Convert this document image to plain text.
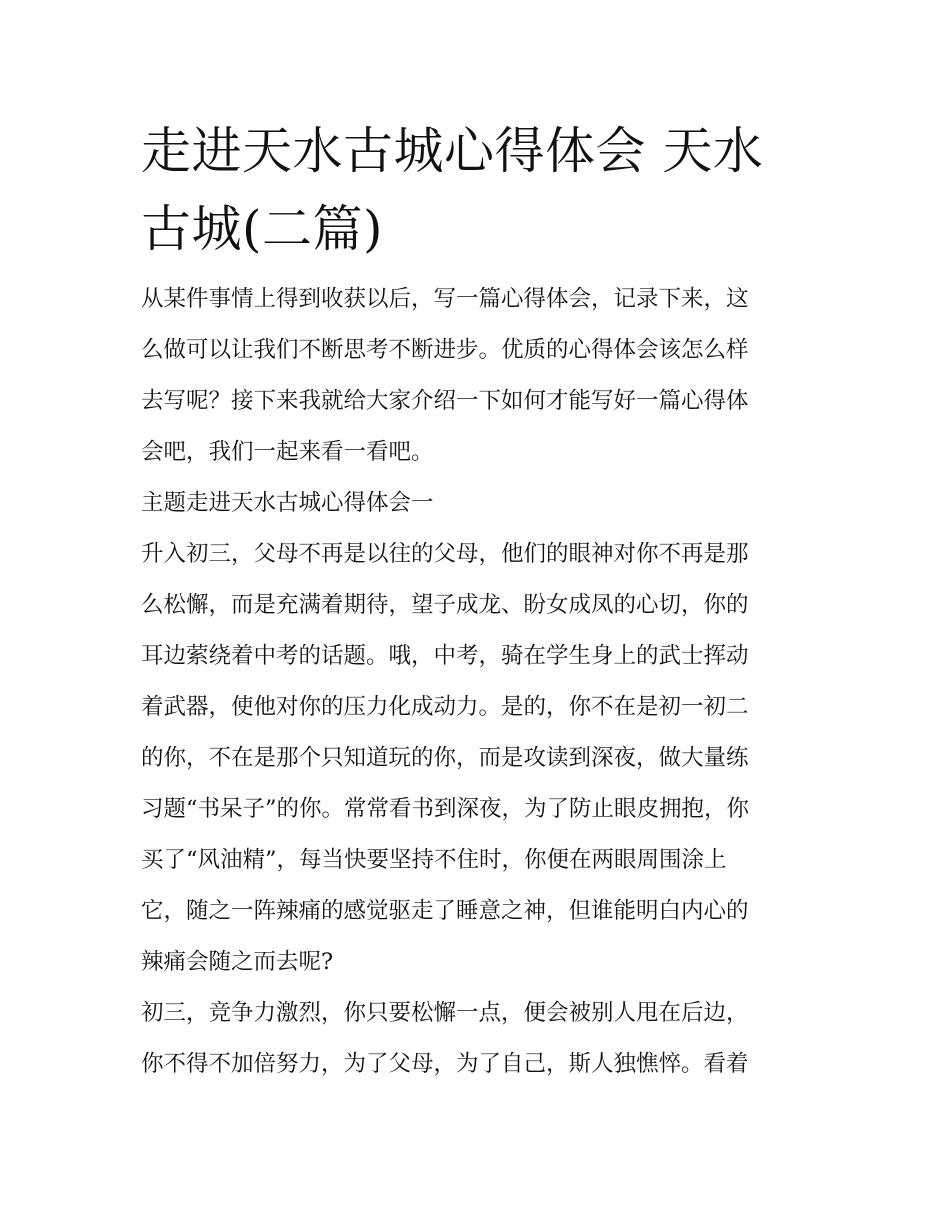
走进天水古城心得体会 天水
古城(二篇)

从某件事情上得到收获以后，写一篇心得体会，记录下来，这
么做可以让我们不断思考不断进步。优质的心得体会该怎么样
去写呢？接下来我就给大家介绍一下如何才能写好一篇心得体
会吧，我们一起来看一看吧。

主题走进天水古城心得体会一

升入初三，父母不再是以往的父母，他们的眼神对你不再是那
么松懈，而是充满着期待，望子成龙、盼女成凤的心切，你的
耳边萦绕着中考的话题。哦，中考，骑在学生身上的武士挥动
着武器，使他对你的压力化成动力。是的，你不在是初一初二
的你，不在是那个只知道玩的你，而是攻读到深夜，做大量练
习题“书呆子”的你。常常看书到深夜，为了防止眼皮拥抱，你
买了“风油精”，每当快要坚持不住时，你便在两眼周围涂上
它，随之一阵辣痛的感觉驱走了睡意之神，但谁能明白内心的
辣痛会随之而去呢?

初三，竞争力激烈，你只要松懈一点，便会被别人甩在后边，
你不得不加倍努力，为了父母，为了自己，斯人独憔悴。看着
